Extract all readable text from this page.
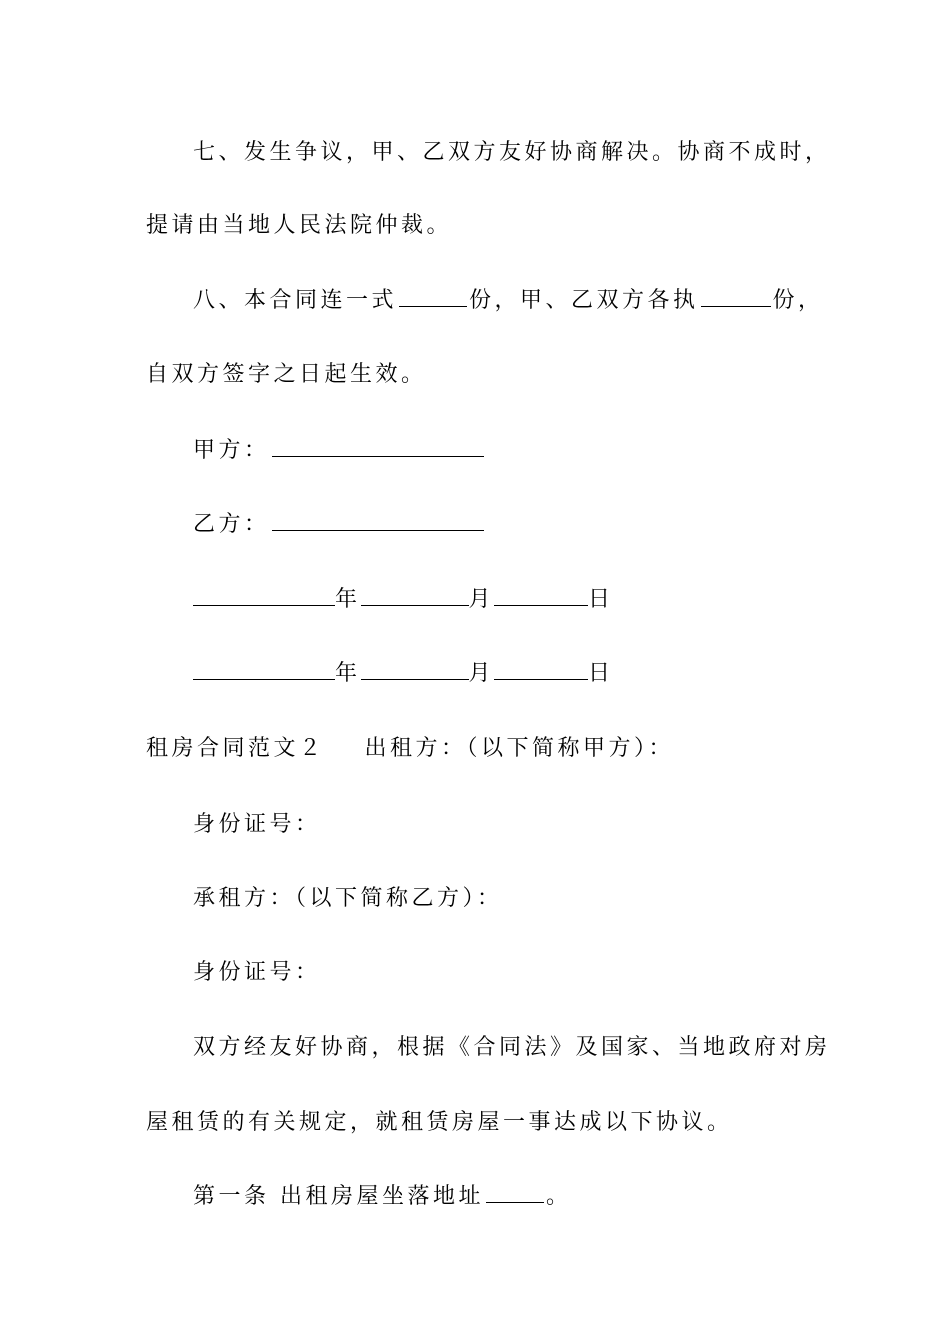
七、发生争议，甲、乙双方友好协商解决。协商不成时，
提请由当地人民法院仲裁。
八、本合同连一式	份，甲、乙双方各执	份，
自双方签字之日起生效。
甲方：
乙方：
年	月	日
年	月	日
租房合同范文２ 出租方：（以下简称甲方）：
身份证号：
承租方：（以下简称乙方）：
身份证号：
双方经友好协商，根据《合同法》及国家、当地政府对房
屋租赁的有关规定，就租赁房屋一事达成以下协议。
第一条 出租房屋坐落地址	。
